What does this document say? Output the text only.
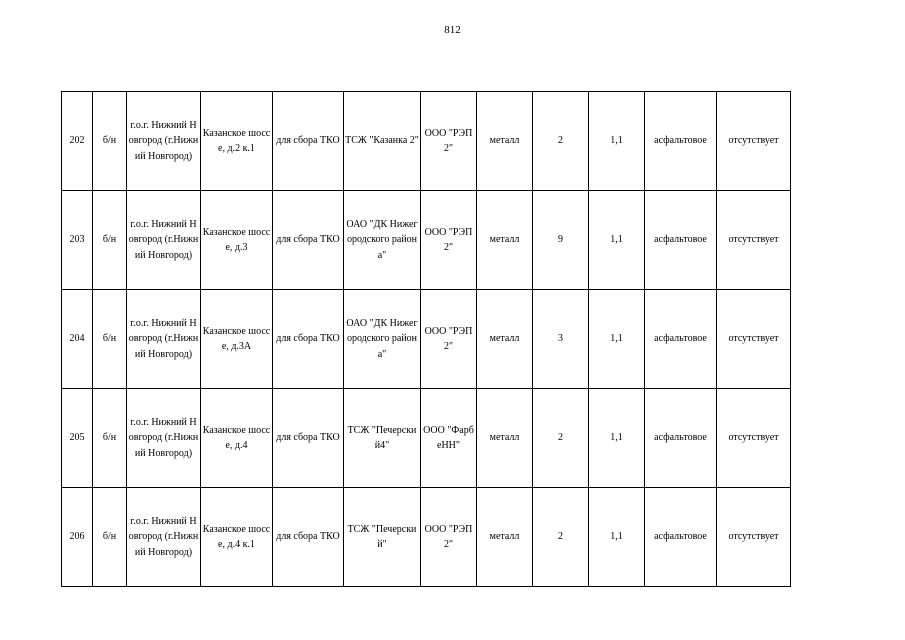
812
202	б/н	г.о.г. Нижний Новгород (г.Нижний Новгород)	Казанское шоссе, д.2 к.1	для сбора ТКО	ТСЖ "Казанка 2"	ООО "РЭП2"	металл	2	1,1	асфальтовое	отсутствует
203	б/н	г.о.г. Нижний Новгород (г.Нижний Новгород)	Казанское шоссе, д.3	для сбора ТКО	ОАО "ДК Нижегородского района"	ООО "РЭП2"	металл	9	1,1	асфальтовое	отсутствует
204	б/н	г.о.г. Нижний Новгород (г.Нижний Новгород)	Казанское шоссе, д.3А	для сбора ТКО	ОАО "ДК Нижегородского района"	ООО "РЭП2"	металл	3	1,1	асфальтовое	отсутствует
205	б/н	г.о.г. Нижний Новгород (г.Нижний Новгород)	Казанское шоссе, д.4	для сбора ТКО	ТСЖ "Печерский4"	ООО "ФарбеНН"	металл	2	1,1	асфальтовое	отсутствует
206	б/н	г.о.г. Нижний Новгород (г.Нижний Новгород)	Казанское шоссе, д.4 к.1	для сбора ТКО	ТСЖ "Печерский"	ООО "РЭП2"	металл	2	1,1	асфальтовое	отсутствует
